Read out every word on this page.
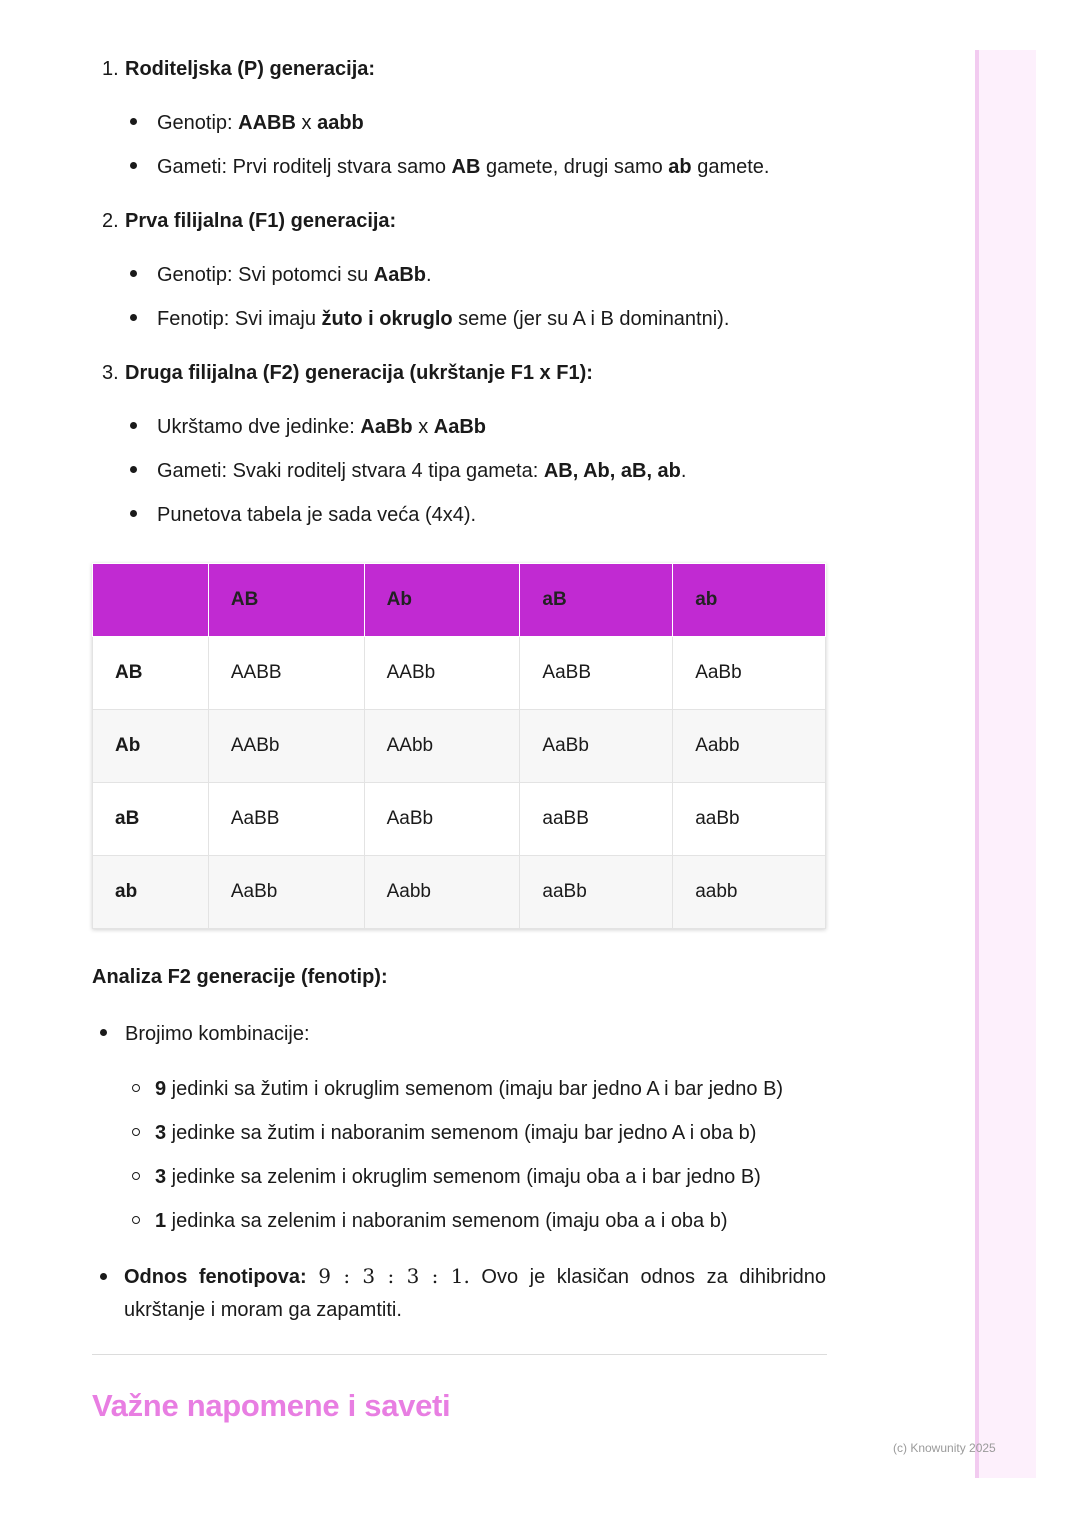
1. Roditeljska (P) generacija:
Genotip: AABB x aabb
Gameti: Prvi roditelj stvara samo AB gamete, drugi samo ab gamete.
2. Prva filijalna (F1) generacija:
Genotip: Svi potomci su AaBb.
Fenotip: Svi imaju žuto i okruglo seme (jer su A i B dominantni).
3. Druga filijalna (F2) generacija (ukrštanje F1 x F1):
Ukrštamo dve jedinke: AaBb x AaBb
Gameti: Svaki roditelj stvara 4 tipa gameta: AB, Ab, aB, ab.
Punetova tabela je sada veća (4x4).
	AB	Ab	aB	ab
AB	AABB	AABb	AaBB	AaBb
Ab	AABb	AAbb	AaBb	Aabb
aB	AaBB	AaBb	aaBB	aaBb
ab	AaBb	Aabb	aaBb	aabb
Analiza F2 generacije (fenotip):
Brojimo kombinacije:
9 jedinki sa žutim i okruglim semenom (imaju bar jedno A i bar jedno B)
3 jedinke sa žutim i naboranim semenom (imaju bar jedno A i oba b)
3 jedinke sa zelenim i okruglim semenom (imaju oba a i bar jedno B)
1 jedinka sa zelenim i naboranim semenom (imaju oba a i oba b)
Odnos fenotipova: 9 : 3 : 3 : 1. Ovo je klasičan odnos za dihibridno ukrštanje i moram ga zapamtiti.
Važne napomene i saveti
(c) Knowunity 2025
